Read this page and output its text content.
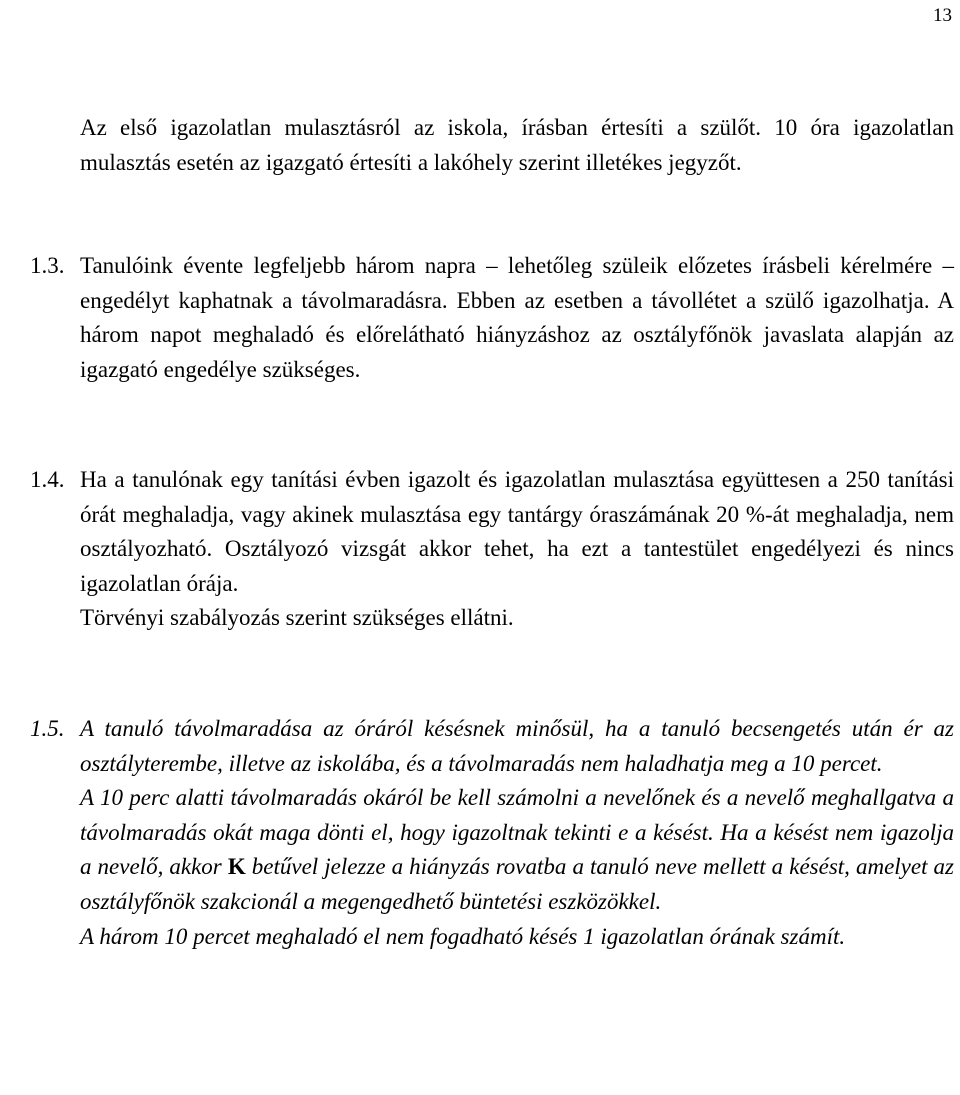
13
Az első igazolatlan mulasztásról az iskola, írásban értesíti a szülőt. 10 óra igazolatlan mulasztás esetén az igazgató értesíti a lakóhely szerint illetékes jegyzőt.
1.3. Tanulóink évente legfeljebb három napra – lehetőleg szüleik előzetes írásbeli kérelmére – engedélyt kaphatnak a távolmaradásra. Ebben az esetben a távollétet a szülő igazolhatja. A három napot meghaladó és előrelátható hiányzáshoz az osztályfőnök javaslata alapján az igazgató engedélye szükséges.
1.4. Ha a tanulónak egy tanítási évben igazolt és igazolatlan mulasztása együttesen a 250 tanítási órát meghaladja, vagy akinek mulasztása egy tantárgy óraszámának 20 %-át meghaladja, nem osztályozható. Osztályozó vizsgát akkor tehet, ha ezt a tantestület engedélyezi és nincs igazolatlan órája.

Törvényi szabályozás szerint szükséges ellátni.

1.5. A tanuló távolmaradása az óráról késésnek minősül, ha a tanuló becsengetés után ér az osztályterembe, illetve az iskolába, és a távolmaradás nem haladhatja meg a 10 percet.

A 10 perc alatti távolmaradás okáról be kell számolni a nevelőnek és a nevelő meghallgatva a távolmaradás okát maga dönti el, hogy igazoltnak tekinti e a késést. Ha a késést nem igazolja a nevelő, akkor K betűvel jelezze a hiányzás rovatba a tanuló neve mellett a késést, amelyet az osztályfőnök szakcionál a megengedhető büntetési eszközökkel.

A három 10 percet meghaladó el nem fogadható késés 1 igazolatlan órának számít.
